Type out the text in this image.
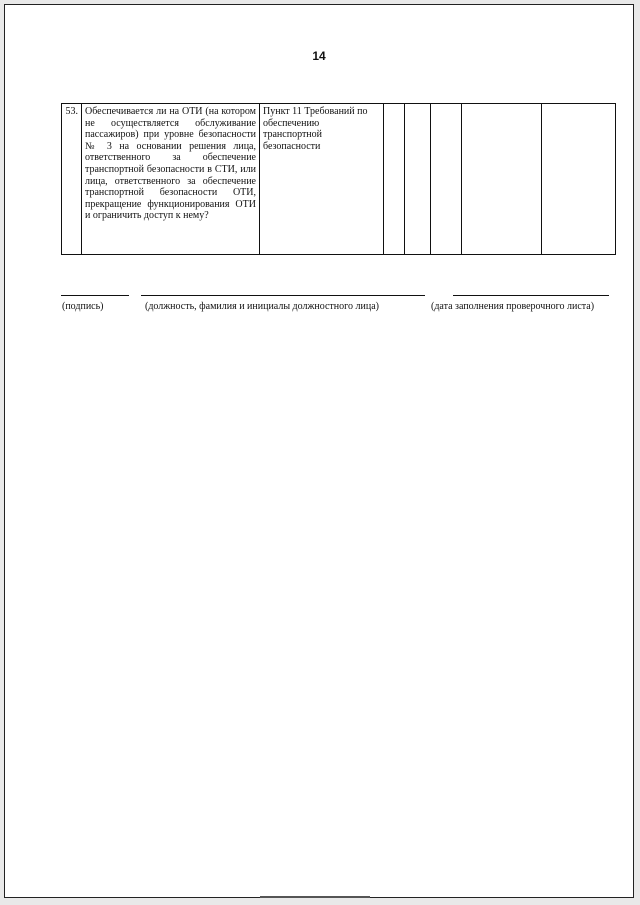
14
53.	Обеспечивается ли на ОТИ (на котором не осуществляется обслуживание пассажиров) при уровне безопасности № 3 на основании решения лица, ответственного за обеспечение транспортной безопасности в СТИ, или лица, ответственного за обеспечение транспортной безопасности ОТИ, прекращение функционирования ОТИ и ограничить доступ к нему?	Пункт 11 Требований по обеспечению транспортной безопасности					
(подпись)	(должность, фамилия и инициалы должностного лица)	(дата заполнения проверочного листа)
